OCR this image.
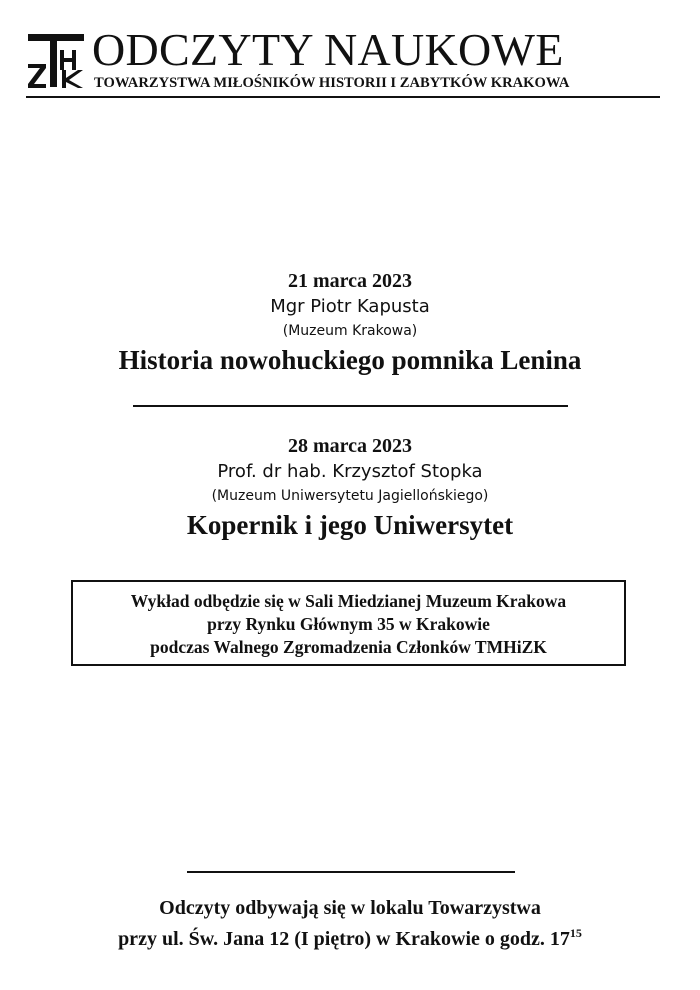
ODCZYTY NAUKOWE
TOWARZYSTWA MIŁOŚNIKÓW HISTORII I ZABYTKÓW KRAKOWA
21 marca 2023
Mgr Piotr Kapusta
(Muzeum Krakowa)
Historia nowohuckiego pomnika Lenina
28 marca 2023
Prof. dr hab. Krzysztof Stopka
(Muzeum Uniwersytetu Jagiellońskiego)
Kopernik i jego Uniwersytet
Wykład odbędzie się w Sali Miedzianej Muzeum Krakowa
przy Rynku Głównym 35 w Krakowie
podczas Walnego Zgromadzenia Członków TMHiZK
Odczyty odbywają się w lokalu Towarzystwa
przy ul. Św. Jana 12 (I piętro) w Krakowie o godz. $17^{15}$
